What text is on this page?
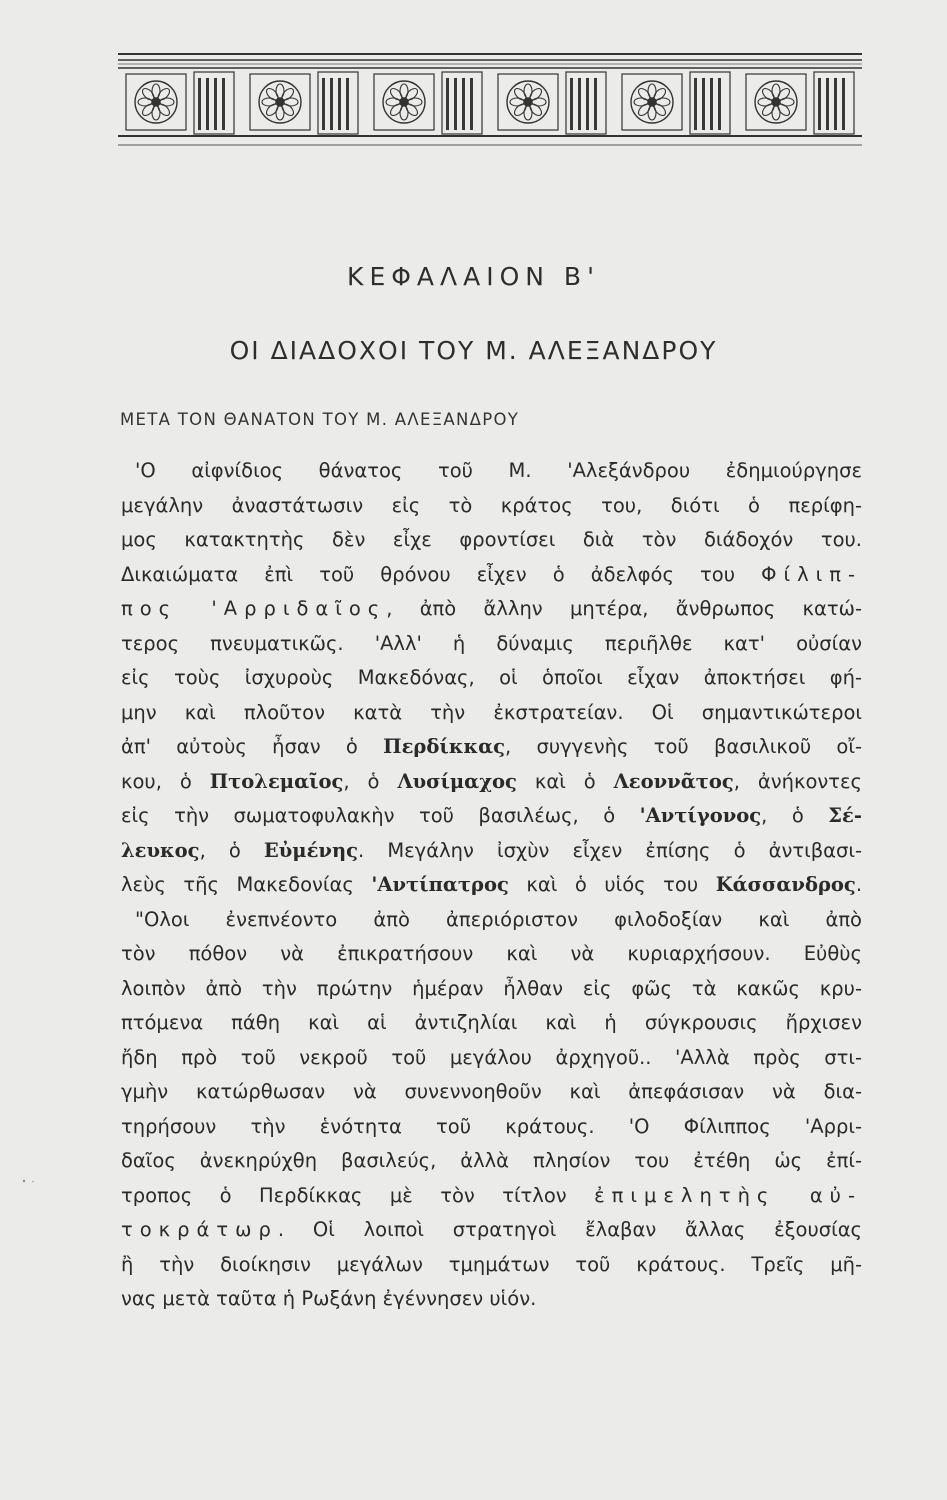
ΚΕΦΑΛΑΙΟΝ Β'
ΟΙ ΔΙΑΔΟΧΟΙ ΤΟΥ Μ. ΑΛΕΞΑΝΔΡΟΥ
ΜΕΤΑ ΤΟΝ ΘΑΝΑΤΟΝ ΤΟΥ Μ. ΑΛΕΞΑΝΔΡΟΥ
'Ο αἰφνίδιος θάνατος τοῦ Μ. 'Αλεξάνδρου ἐδημιούργησε
μεγάλην ἀναστάτωσιν εἰς τὸ κράτος του, διότι ὁ περίφη-
μος κατακτητὴς δὲν εἶχε φροντίσει διὰ τὸν διάδοχόν του.
Δικαιώματα ἐπὶ τοῦ θρόνου εἶχεν ὁ ἀδελφός του Φίλιπ-
πος 'Αρριδαῖος, ἀπὸ ἄλλην μητέρα, ἄνθρωπος κατώ-
τερος πνευματικῶς. 'Αλλ' ἡ δύναμις περιῆλθε κατ' οὐσίαν
εἰς τοὺς ἰσχυροὺς Μακεδόνας, οἱ ὁποῖοι εἶχαν ἀποκτήσει φή-
μην καὶ πλοῦτον κατὰ τὴν ἐκστρατείαν. Οἱ σημαντικώτεροι
ἀπ' αὐτοὺς ἦσαν ὁ Περδίκκας, συγγενὴς τοῦ βασιλικοῦ οἴ-
κου, ὁ Πτολεμαῖος, ὁ Λυσίμαχος καὶ ὁ Λεοννᾶτος, ἀνήκοντες
εἰς τὴν σωματοφυλακὴν τοῦ βασιλέως, ὁ 'Αντίγονος, ὁ Σέ-
λευκος, ὁ Εὐμένης. Μεγάλην ἰσχὺν εἶχεν ἐπίσης ὁ ἀντιβασι-
λεὺς τῆς Μακεδονίας 'Αντίπατρος καὶ ὁ υἱός του Κάσσανδρος.
"Ολοι ἐνεπνέοντο ἀπὸ ἀπεριόριστον φιλοδοξίαν καὶ ἀπὸ
τὸν πόθον νὰ ἐπικρατήσουν καὶ νὰ κυριαρχήσουν. Εὐθὺς
λοιπὸν ἀπὸ τὴν πρώτην ἡμέραν ἦλθαν εἰς φῶς τὰ κακῶς κρυ-
πτόμενα πάθη καὶ αἱ ἀντιζηλίαι καὶ ἡ σύγκρουσις ἤρχισεν
ἤδη πρὸ τοῦ νεκροῦ τοῦ μεγάλου ἀρχηγοῦ.. 'Αλλὰ πρὸς στι-
γμὴν κατώρθωσαν νὰ συνεννοηθοῦν καὶ ἀπεφάσισαν νὰ δια-
τηρήσουν τὴν ἑνότητα τοῦ κράτους. 'Ο Φίλιππος 'Αρρι-
δαῖος ἀνεκηρύχθη βασιλεύς, ἀλλὰ πλησίον του ἐτέθη ὡς ἐπί-
τροπος ὁ Περδίκκας μὲ τὸν τίτλον ἐπιμελητὴς αὐ-
τοκράτωρ. Οἱ λοιποὶ στρατηγοὶ ἔλαβαν ἄλλας ἐξουσίας
ἢ τὴν διοίκησιν μεγάλων τμημάτων τοῦ κράτους. Τρεῖς μῆ-
νας μετὰ ταῦτα ἡ Ρωξάνη ἐγέννησεν υἱόν.
